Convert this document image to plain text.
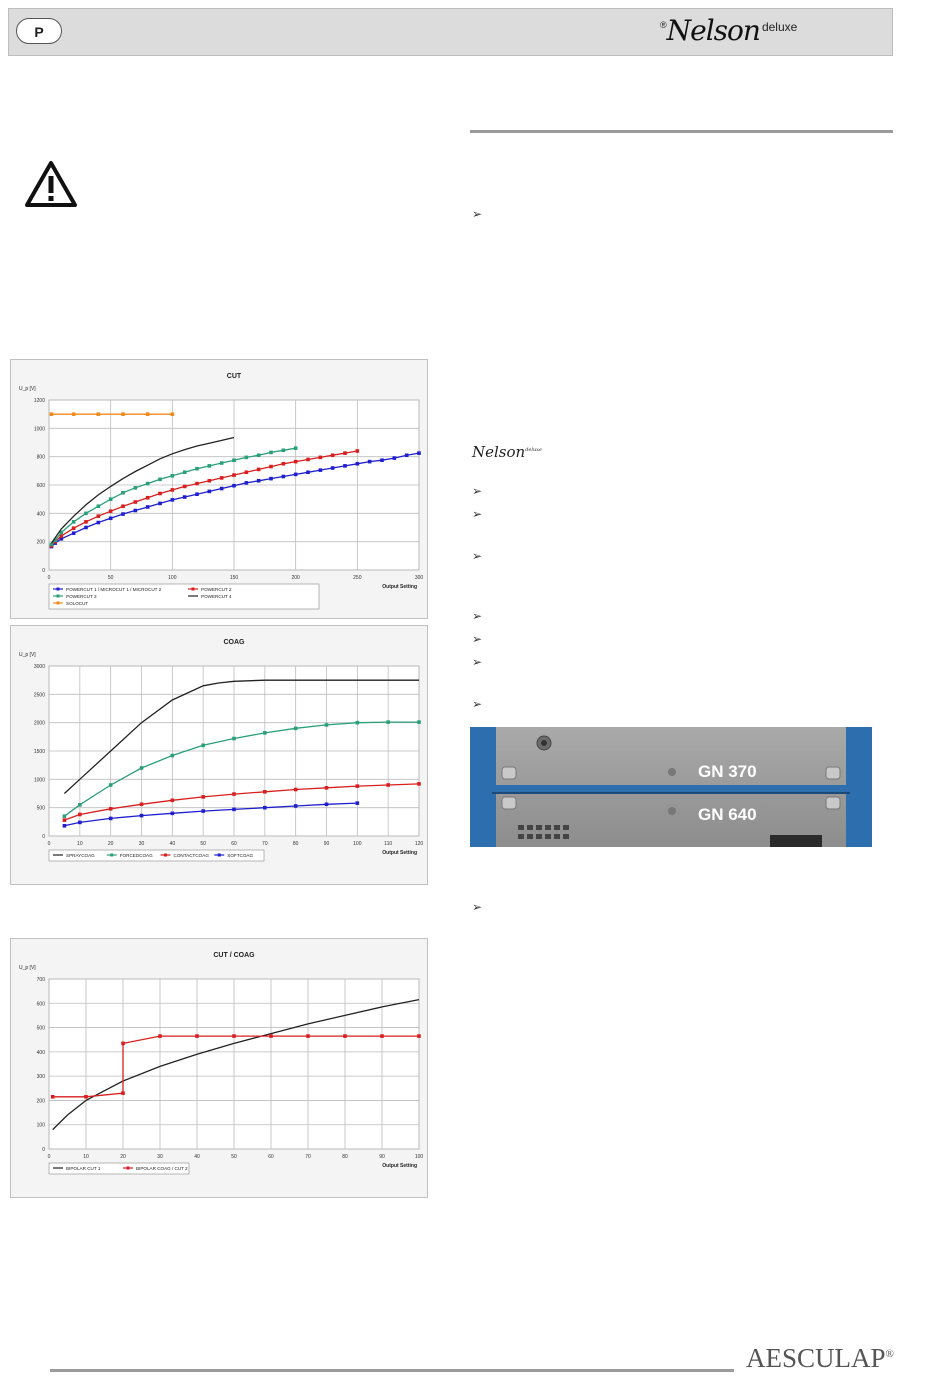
P	®Nelson $^{deluxe}$
0
200
400
600
800
1000
1200
0	50	100	150	200	250	300
CUT
U_p [V]
Output Setting
POWERCUT 1 / MICROCUT 1 / MICROCUT 2	POWERCUT 2
POWERCUT 3	POWERCUT 4
SOLOCUT
0
500
1000
1500
2000
2500
3000
0	10	20	30	40	50	60	70	80	90	100	110	120
COAG
U_p [V]
Output Setting
SPRAYCOAG	FORCEDCOAG	CONTACTCOAG	SOFTCOAG
0
100
200
300
400
500
600
700
0	10	20	30	40	50	60	70	80	90	100
CUT / COAG
U_p [V]
Output Setting
BIPOLAR CUT 1	BIPOLAR COAG / CUT 2
➢
Nelson$^{deluxe}$
➢
➢
➢
➢
➢
➢
➢
➢
GN 370
GN 640
AESCULAP®
